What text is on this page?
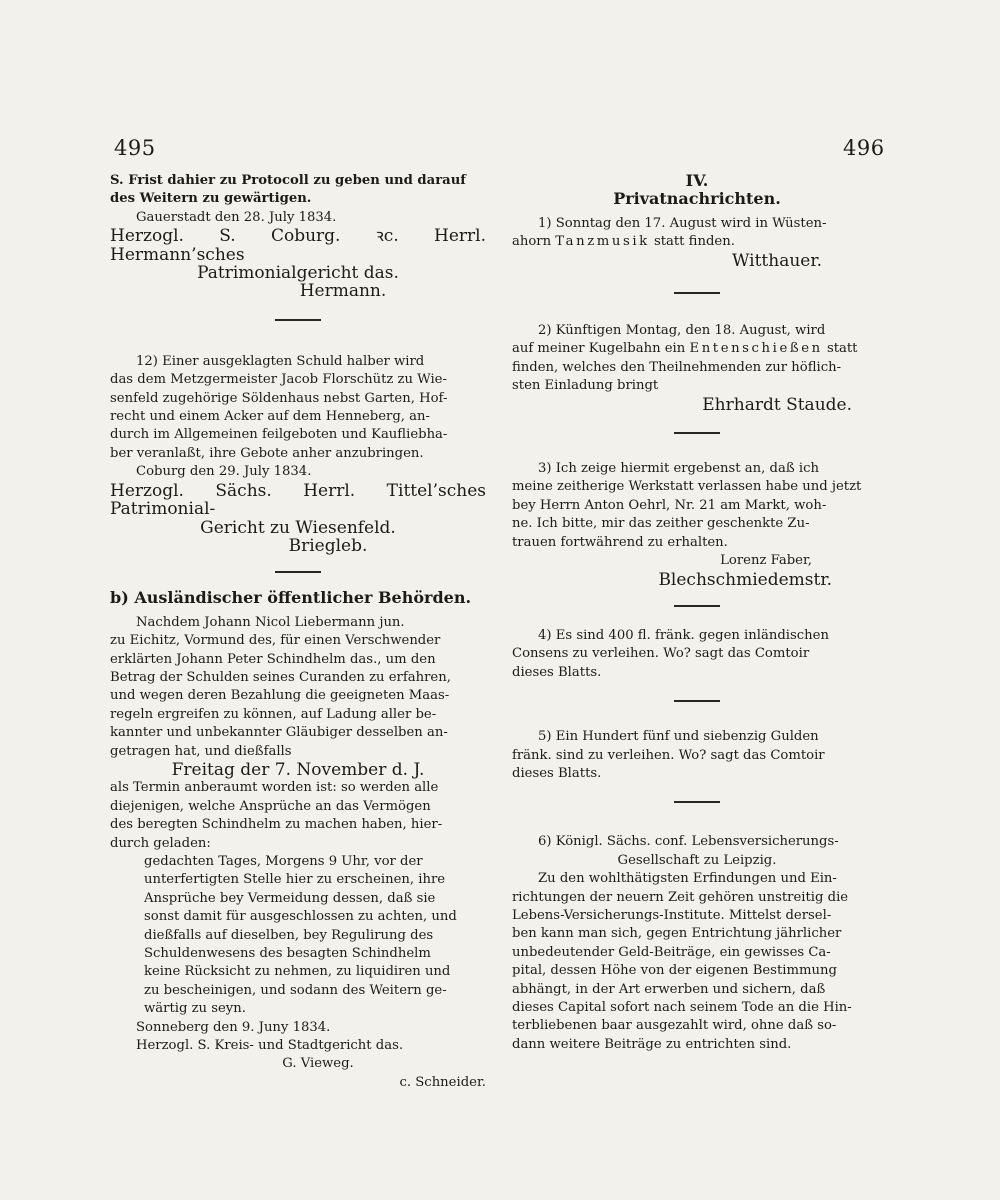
495	496

S. Frist dahier zu Protocoll zu geben und darauf

des Weitern zu gewärtigen.

Gauerstadt den 28. July 1834.

Herzogl. S. Coburg. ꝛc. Herrl. Hermann’sches

Patrimonialgericht das.

Hermann.

12) Einer ausgeklagten Schuld halber wird

das dem Metzgermeister Jacob Florschütz zu Wie-

senfeld zugehörige Söldenhaus nebst Garten, Hof-

recht und einem Acker auf dem Henneberg, an-

durch im Allgemeinen feilgeboten und Kaufliebha-

ber veranlaßt, ihre Gebote anher anzubringen.

Coburg den 29. July 1834.

Herzogl. Sächs. Herrl. Tittel’sches Patrimonial-

Gericht zu Wiesenfeld.

Briegleb.

b) Ausländischer öffentlicher Behörden.

Nachdem Johann Nicol Liebermann jun.

zu Eichitz, Vormund des, für einen Verschwender

erklärten Johann Peter Schindhelm das., um den

Betrag der Schulden seines Curanden zu erfahren,

und wegen deren Bezahlung die geeigneten Maas-

regeln ergreifen zu können, auf Ladung aller be-

kannter und unbekannter Gläubiger desselben an-

getragen hat, und dießfalls

Freitag der 7. November d. J.

als Termin anberaumt worden ist: so werden alle

diejenigen, welche Ansprüche an das Vermögen

des beregten Schindhelm zu machen haben, hier-

durch geladen:

gedachten Tages, Morgens 9 Uhr, vor der

unterfertigten Stelle hier zu erscheinen, ihre

Ansprüche bey Vermeidung dessen, daß sie

sonst damit für ausgeschlossen zu achten, und

dießfalls auf dieselben, bey Regulirung des

Schuldenwesens des besagten Schindhelm

keine Rücksicht zu nehmen, zu liquidiren und

zu bescheinigen, und sodann des Weitern ge-

wärtig zu seyn.

Sonneberg den 9. Juny 1834.

Herzogl. S. Kreis- und Stadtgericht das.

G. Vieweg.

c. Schneider.

IV.

Privatnachrichten.

1) Sonntag den 17. August wird in Wüsten-

ahorn Tanzmusik statt finden.

Witthauer.

2) Künftigen Montag, den 18. August, wird

auf meiner Kugelbahn ein Entenschießen statt

finden, welches den Theilnehmenden zur höflich-

sten Einladung bringt

Ehrhardt Staude.

3) Ich zeige hiermit ergebenst an, daß ich

meine zeitherige Werkstatt verlassen habe und jetzt

bey Herrn Anton Oehrl, Nr. 21 am Markt, woh-

ne. Ich bitte, mir das zeither geschenkte Zu-

trauen fortwährend zu erhalten.

Lorenz Faber,

Blechschmiedemstr.

4) Es sind 400 fl. fränk. gegen inländischen

Consens zu verleihen. Wo? sagt das Comtoir

dieses Blatts.

5) Ein Hundert fünf und siebenzig Gulden

fränk. sind zu verleihen. Wo? sagt das Comtoir

dieses Blatts.

6) Königl. Sächs. conf. Lebensversicherungs-

Gesellschaft zu Leipzig.

Zu den wohlthätigsten Erfindungen und Ein-

richtungen der neuern Zeit gehören unstreitig die

Lebens-Versicherungs-Institute. Mittelst dersel-

ben kann man sich, gegen Entrichtung jährlicher

unbedeutender Geld-Beiträge, ein gewisses Ca-

pital, dessen Höhe von der eigenen Bestimmung

abhängt, in der Art erwerben und sichern, daß

dieses Capital sofort nach seinem Tode an die Hin-

terbliebenen baar ausgezahlt wird, ohne daß so-

dann weitere Beiträge zu entrichten sind.
